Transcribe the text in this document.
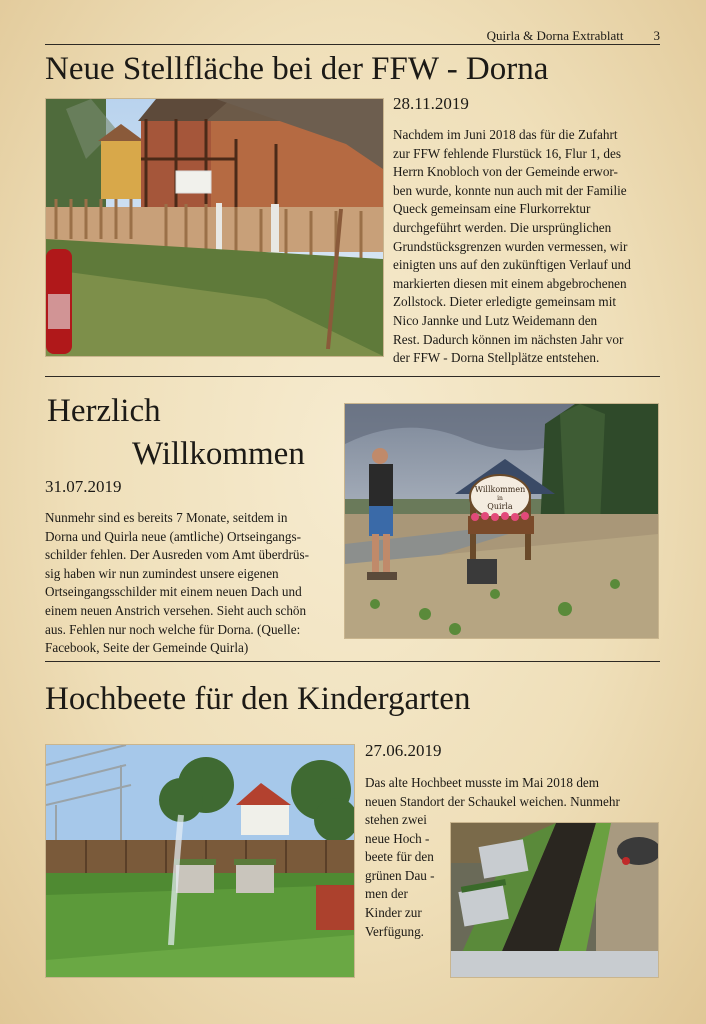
Quirla & Dorna Extrablatt 3
Neue Stellfläche bei der FFW - Dorna
28.11.2019
Nachdem im Juni 2018 das für die Zufahrt
zur FFW fehlende Flurstück 16, Flur 1, des
Herrn Knobloch von der Gemeinde erwor-
ben wurde, konnte nun auch mit der Familie
Queck gemeinsam eine Flurkorrektur
durchgeführt werden. Die ursprünglichen
Grundstücksgrenzen wurden vermessen, wir
einigten uns auf den zukünftigen Verlauf und
markierten diesen mit einem abgebrochenen
Zollstock. Dieter erledigte gemeinsam mit
Nico Jannke und Lutz Weidemann den
Rest. Dadurch können im nächsten Jahr vor
der FFW - Dorna Stellplätze entstehen.
Herzlich
Willkommen
31.07.2019
Nunmehr sind es bereits 7 Monate, seitdem in
Dorna und Quirla neue (amtliche) Ortseingangs-
schilder fehlen. Der Ausreden vom Amt überdrüs-
sig haben wir nun zumindest unsere eigenen
Ortseingangsschilder mit einem neuen Dach und
einem neuen Anstrich versehen. Sieht auch schön
aus. Fehlen nur noch welche für Dorna. (Quelle:
Facebook, Seite der Gemeinde Quirla)
Willkommen
in
Quirla
Hochbeete für den Kindergarten
27.06.2019
Das alte Hochbeet musste im Mai 2018 dem
neuen Standort der Schaukel weichen. Nunmehr
stehen zwei
neue Hoch -
beete für den
grünen Dau -
men der
Kinder zur
Verfügung.
